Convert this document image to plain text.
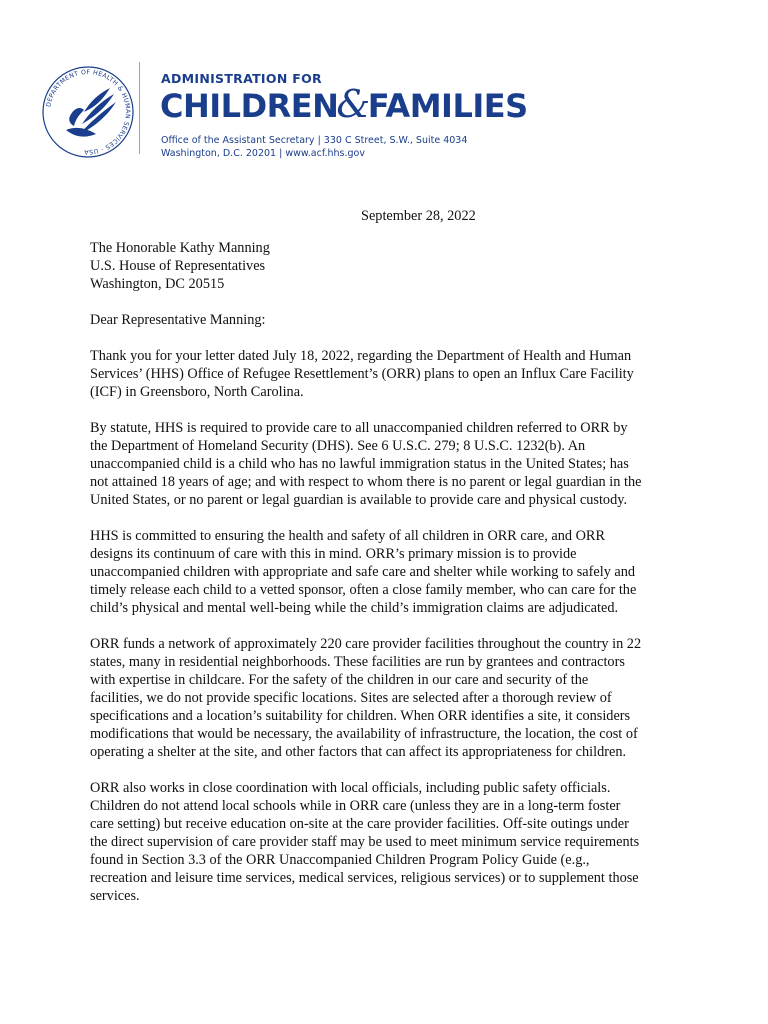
DEPARTMENT OF HEALTH & HUMAN SERVICES · USA
ADMINISTRATION FOR
CHILDREN&FAMILIES
Office of the Assistant Secretary | 330 C Street, S.W., Suite 4034
Washington, D.C. 20201 | www.acf.hhs.gov
September 28, 2022

The Honorable Kathy Manning

U.S. House of Representatives

Washington, DC 20515

Dear Representative Manning:

Thank you for your letter dated July 18, 2022, regarding the Department of Health and Human
Services’ (HHS) Office of Refugee Resettlement’s (ORR) plans to open an Influx Care Facility
(ICF) in Greensboro, North Carolina.
By statute, HHS is required to provide care to all unaccompanied children referred to ORR by
the Department of Homeland Security (DHS). See 6 U.S.C. 279; 8 U.S.C. 1232(b). An
unaccompanied child is a child who has no lawful immigration status in the United States; has
not attained 18 years of age; and with respect to whom there is no parent or legal guardian in the
United States, or no parent or legal guardian is available to provide care and physical custody.
HHS is committed to ensuring the health and safety of all children in ORR care, and ORR
designs its continuum of care with this in mind. ORR’s primary mission is to provide
unaccompanied children with appropriate and safe care and shelter while working to safely and
timely release each child to a vetted sponsor, often a close family member, who can care for the
child’s physical and mental well-being while the child’s immigration claims are adjudicated.
ORR funds a network of approximately 220 care provider facilities throughout the country in 22
states, many in residential neighborhoods. These facilities are run by grantees and contractors
with expertise in childcare. For the safety of the children in our care and security of the
facilities, we do not provide specific locations. Sites are selected after a thorough review of
specifications and a location’s suitability for children. When ORR identifies a site, it considers
modifications that would be necessary, the availability of infrastructure, the location, the cost of
operating a shelter at the site, and other factors that can affect its appropriateness for children.
ORR also works in close coordination with local officials, including public safety officials.
Children do not attend local schools while in ORR care (unless they are in a long-term foster
care setting) but receive education on-site at the care provider facilities. Off-site outings under
the direct supervision of care provider staff may be used to meet minimum service requirements
found in Section 3.3 of the ORR Unaccompanied Children Program Policy Guide (e.g.,
recreation and leisure time services, medical services, religious services) or to supplement those
services.
